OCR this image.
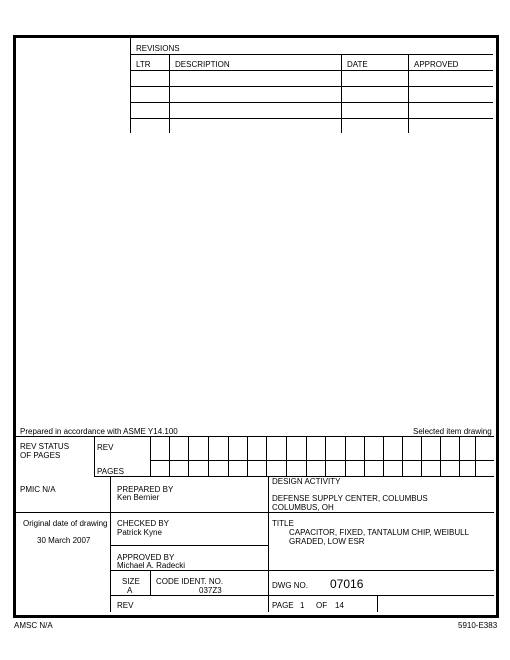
REVISIONS
LTR	DESCRIPTION	DATE	APPROVED
Prepared in accordance with ASME Y14.100	Selected item drawing
REV STATUS
OF PAGES
REV
PAGES
PMIC N/A	PREPARED BY
Ken Bernier
DESIGN ACTIVITY
DEFENSE SUPPLY CENTER, COLUMBUS
COLUMBUS, OH
Original date of drawing
30 March 2007
CHECKED BY
Patrick Kyne
TITLE
CAPACITOR, FIXED, TANTALUM CHIP, WEIBULL
GRADED, LOW ESR
APPROVED BY
Michael A. Radecki
SIZE
A
CODE IDENT. NO.
037Z3
DWG NO. 07016
REV	PAGE 1 OF 14
AMSC N/A	5910-E383
